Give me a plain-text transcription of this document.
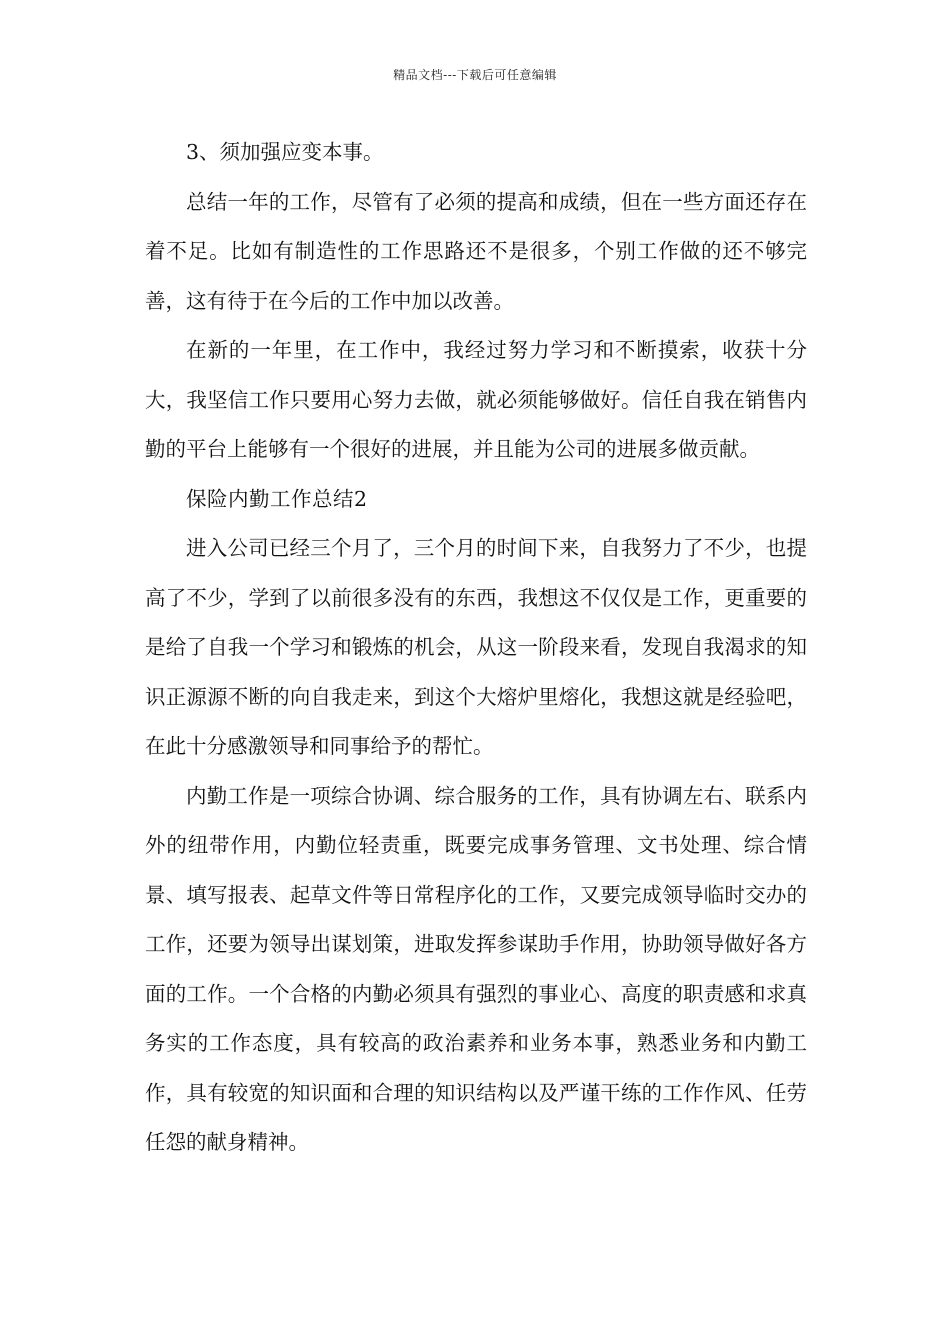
精品文档---下载后可任意编辑

3、须加强应变本事。

总结一年的工作，尽管有了必须的提高和成绩，但在一些方面还存在着不足。比如有制造性的工作思路还不是很多，个别工作做的还不够完善，这有待于在今后的工作中加以改善。

在新的一年里，在工作中，我经过努力学习和不断摸索，收获十分大，我坚信工作只要用心努力去做，就必须能够做好。信任自我在销售内勤的平台上能够有一个很好的进展，并且能为公司的进展多做贡献。

保险内勤工作总结2

进入公司已经三个月了，三个月的时间下来，自我努力了不少，也提高了不少，学到了以前很多没有的东西，我想这不仅仅是工作，更重要的是给了自我一个学习和锻炼的机会，从这一阶段来看，发现自我渴求的知识正源源不断的向自我走来，到这个大熔炉里熔化，我想这就是经验吧，在此十分感激领导和同事给予的帮忙。

内勤工作是一项综合协调、综合服务的工作，具有协调左右、联系内外的纽带作用，内勤位轻责重，既要完成事务管理、文书处理、综合情景、填写报表、起草文件等日常程序化的工作，又要完成领导临时交办的工作，还要为领导出谋划策，进取发挥参谋助手作用，协助领导做好各方面的工作。一个合格的内勤必须具有强烈的事业心、高度的职责感和求真务实的工作态度，具有较高的政治素养和业务本事，熟悉业务和内勤工作，具有较宽的知识面和合理的知识结构以及严谨干练的工作作风、任劳任怨的献身精神。
